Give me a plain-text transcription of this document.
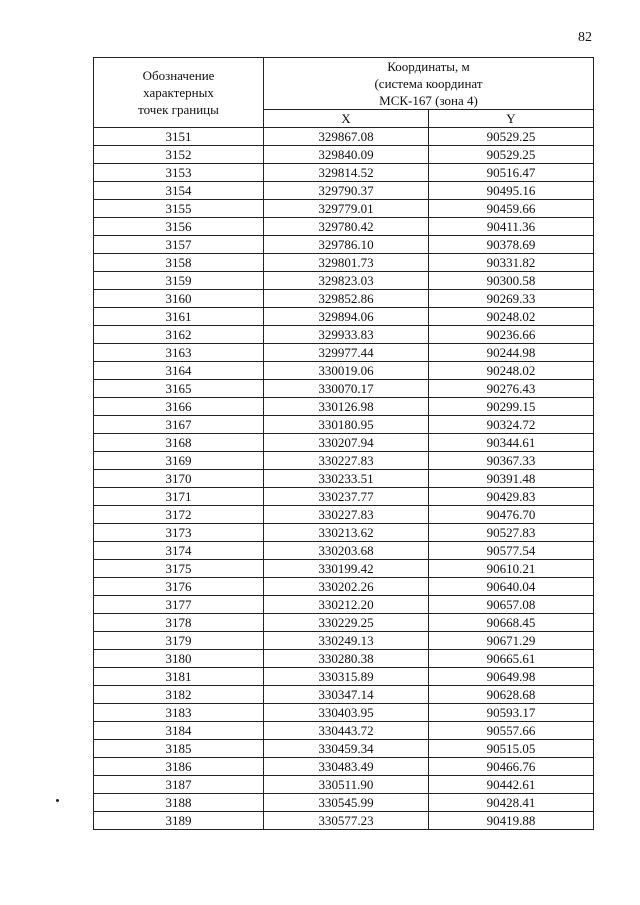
82
Обозначение
характерных
точек границы	Координаты, м
(система координат
МСК-167 (зона 4)	

	X	Y
3151	329867.08	90529.25
3152	329840.09	90529.25
3153	329814.52	90516.47
3154	329790.37	90495.16
3155	329779.01	90459.66
3156	329780.42	90411.36
3157	329786.10	90378.69
3158	329801.73	90331.82
3159	329823.03	90300.58
3160	329852.86	90269.33
3161	329894.06	90248.02
3162	329933.83	90236.66
3163	329977.44	90244.98
3164	330019.06	90248.02
3165	330070.17	90276.43
3166	330126.98	90299.15
3167	330180.95	90324.72
3168	330207.94	90344.61
3169	330227.83	90367.33
3170	330233.51	90391.48
3171	330237.77	90429.83
3172	330227.83	90476.70
3173	330213.62	90527.83
3174	330203.68	90577.54
3175	330199.42	90610.21
3176	330202.26	90640.04
3177	330212.20	90657.08
3178	330229.25	90668.45
3179	330249.13	90671.29
3180	330280.38	90665.61
3181	330315.89	90649.98
3182	330347.14	90628.68
3183	330403.95	90593.17
3184	330443.72	90557.66
3185	330459.34	90515.05
3186	330483.49	90466.76
3187	330511.90	90442.61
3188	330545.99	90428.41
3189	330577.23	90419.88
